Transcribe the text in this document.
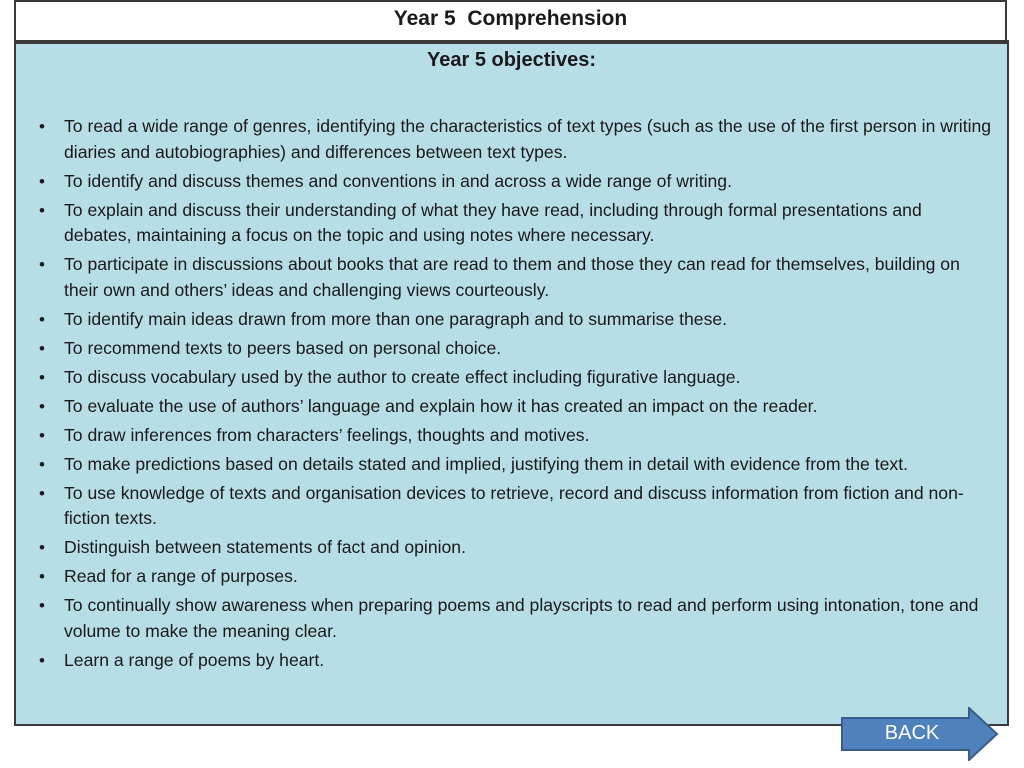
Year 5  Comprehension
Year 5 objectives:
•	To read a wide range of genres, identifying the characteristics of text types (such as the use of the first person in writing diaries and autobiographies) and differences between text types.
•	To identify and discuss themes and conventions in and across a wide range of writing.
•	To explain and discuss their understanding of what they have read, including through formal presentations and debates, maintaining a focus on the topic and using notes where necessary.
•	To participate in discussions about books that are read to them and those they can read for themselves, building on their own and others’ ideas and challenging views courteously.
•	To identify main ideas drawn from more than one paragraph and to summarise these.
•	To recommend texts to peers based on personal choice.
•	To discuss vocabulary used by the author to create effect including figurative language.
•	To evaluate the use of authors’ language and explain how it has created an impact on the reader.
•	To draw inferences from characters’ feelings, thoughts and motives.
•	To make predictions based on details stated and implied, justifying them in detail with evidence from the text.
•	To use knowledge of texts and organisation devices to retrieve, record and discuss information from fiction and non-fiction texts.
•	Distinguish between statements of fact and opinion.
•	Read for a range of purposes.
•	To continually show awareness when preparing poems and playscripts to read and perform using intonation, tone and volume to make the meaning clear.
•	Learn a range of poems by heart.
BACK
